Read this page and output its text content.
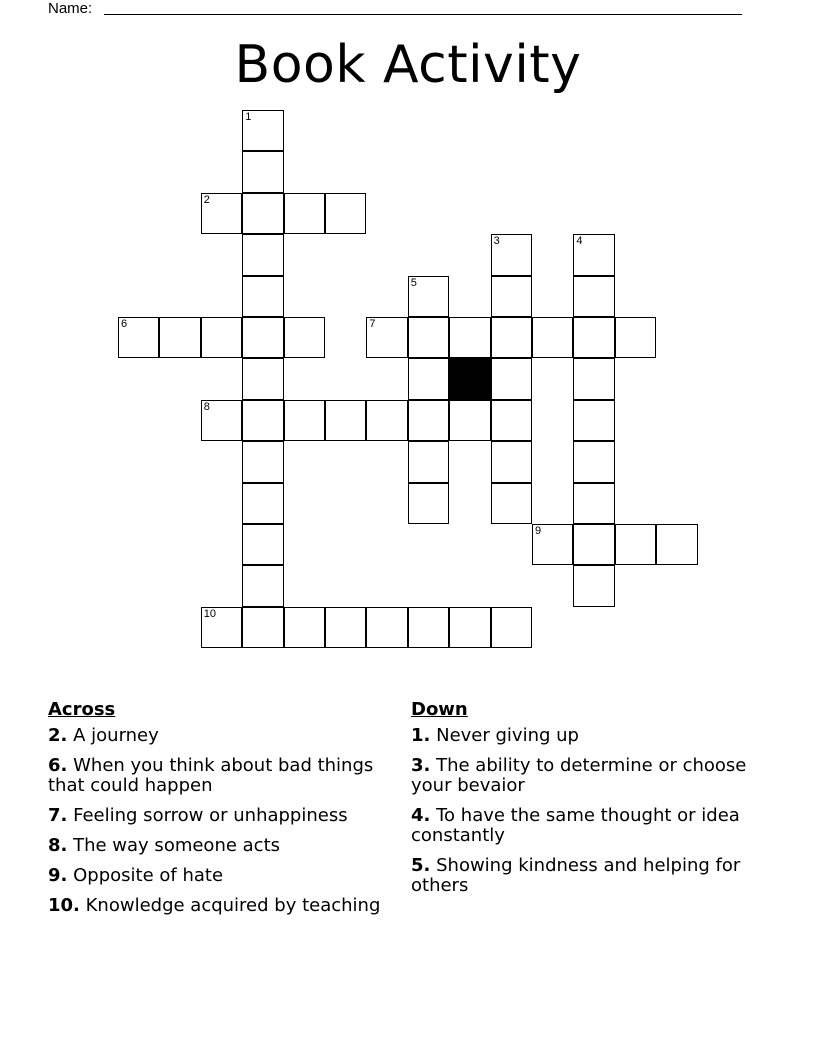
Name:
Book Activity
1
2
3	4
5
6	7
8
9
10
Across
2. A journey
6. When you think about bad things that could happen
7. Feeling sorrow or unhappiness
8. The way someone acts
9. Opposite of hate
10. Knowledge acquired by teaching
Down
1. Never giving up
3. The ability to determine or choose your bevaior
4. To have the same thought or idea constantly
5. Showing kindness and helping for others
